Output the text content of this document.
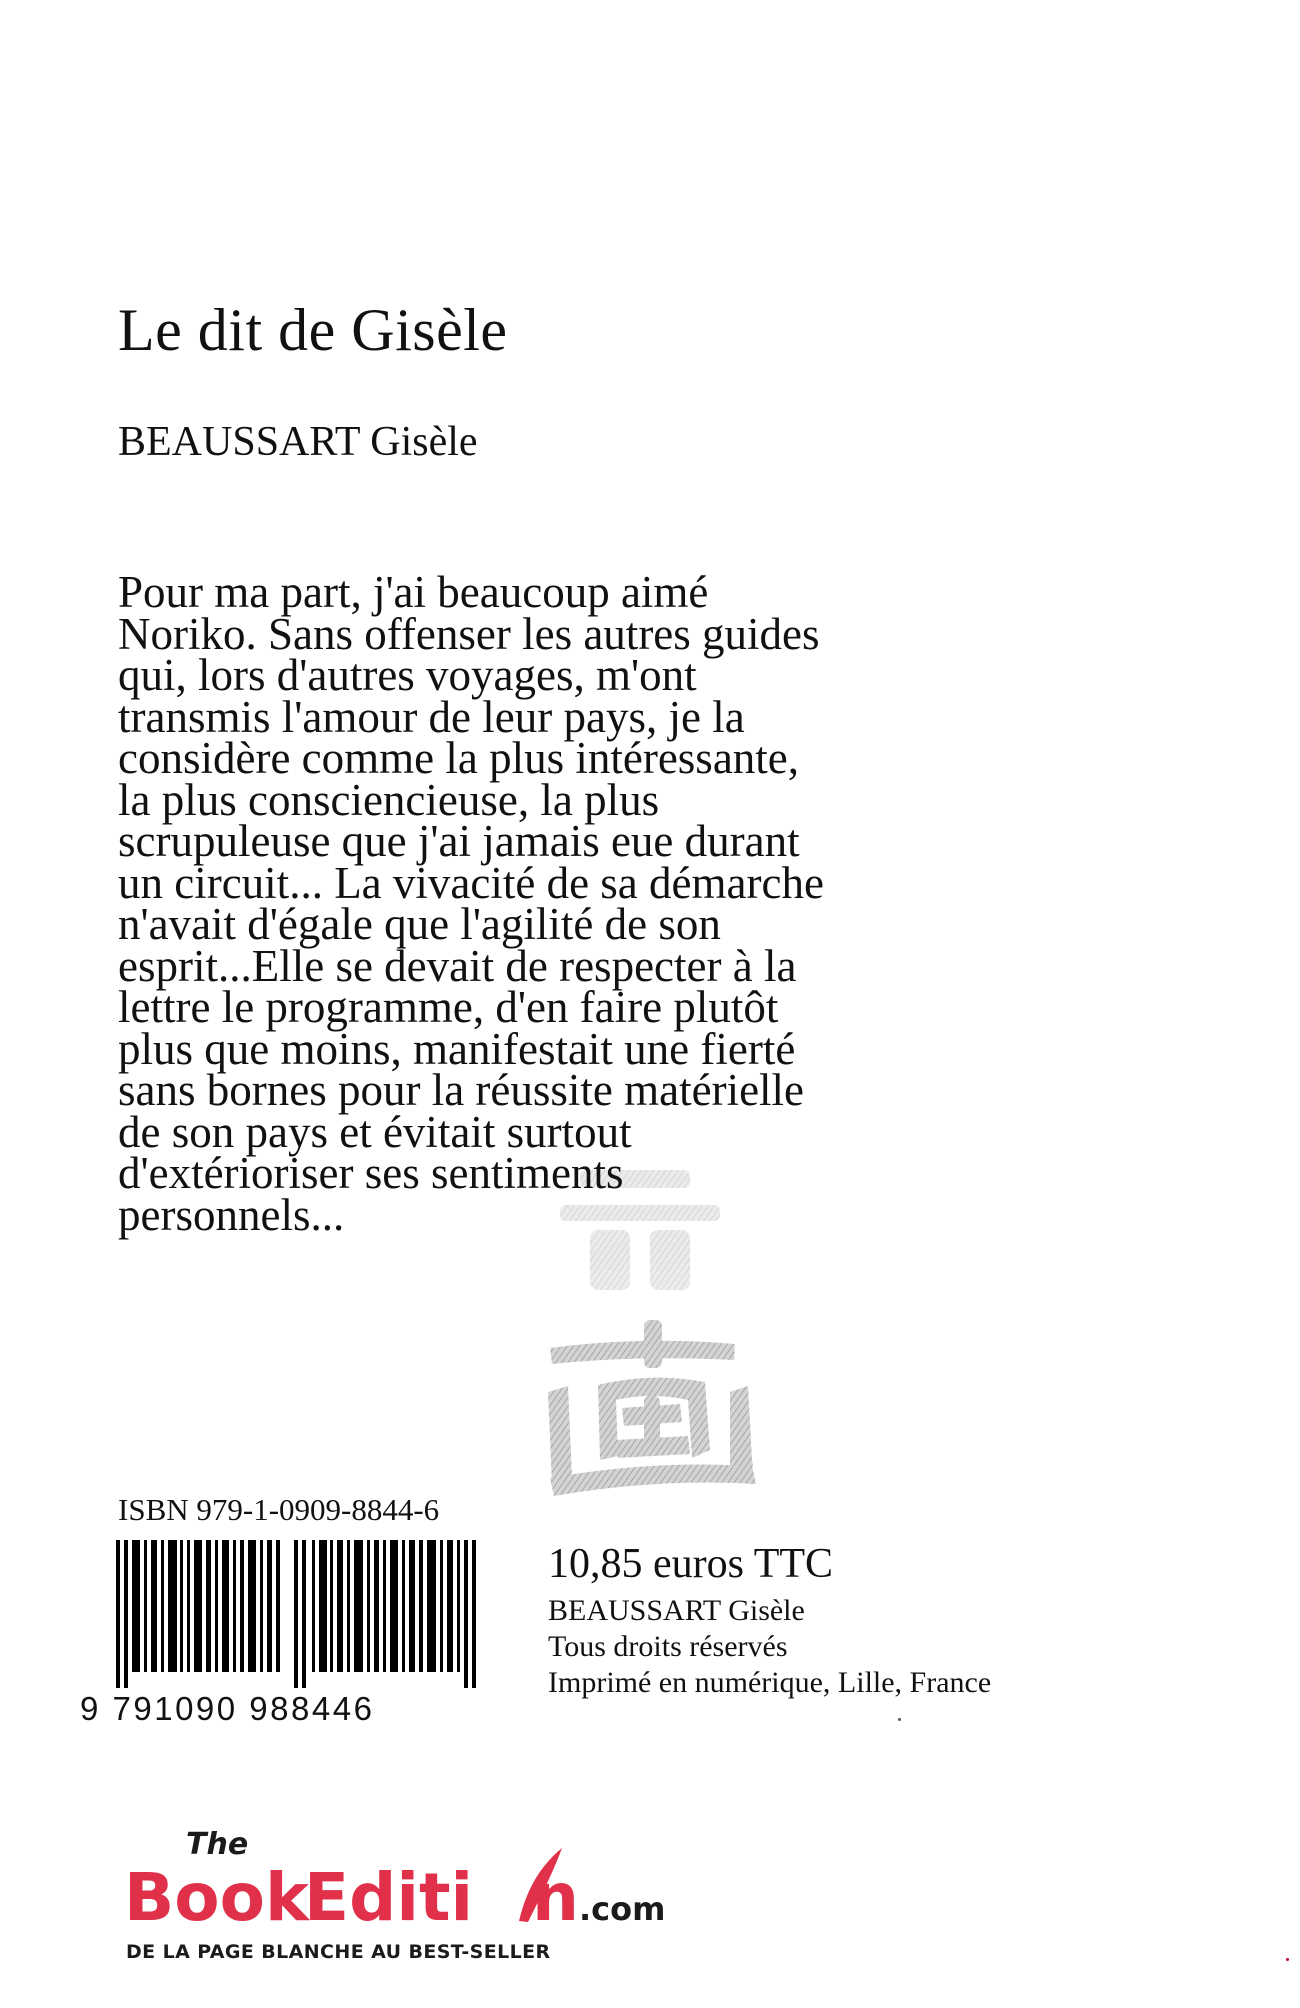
Le dit de Gisèle
BEAUSSART Gisèle
Pour ma part, j'ai beaucoup aimé
Noriko. Sans offenser les autres guides
qui, lors d'autres voyages, m'ont
transmis l'amour de leur pays, je la
considère comme la plus intéressante,
la plus consciencieuse, la plus
scrupuleuse que j'ai jamais eue durant
un circuit... La vivacité de sa démarche
n'avait d'égale que l'agilité de son
esprit...Elle se devait de respecter à la
lettre le programme, d'en faire plutôt
plus que moins, manifestait une fierté
sans bornes pour la réussite matérielle
de son pays et évitait surtout
d'extérioriser ses sentiments
personnels...
ISBN 979-1-0909-8844-6
9 791090 988446
10,85 euros TTC
BEAUSSART Gisèle
Tous droits réservés
Imprimé en numérique, Lille, France
The
Book
Editi n .com
DE LA PAGE BLANCHE AU BEST-SELLER
